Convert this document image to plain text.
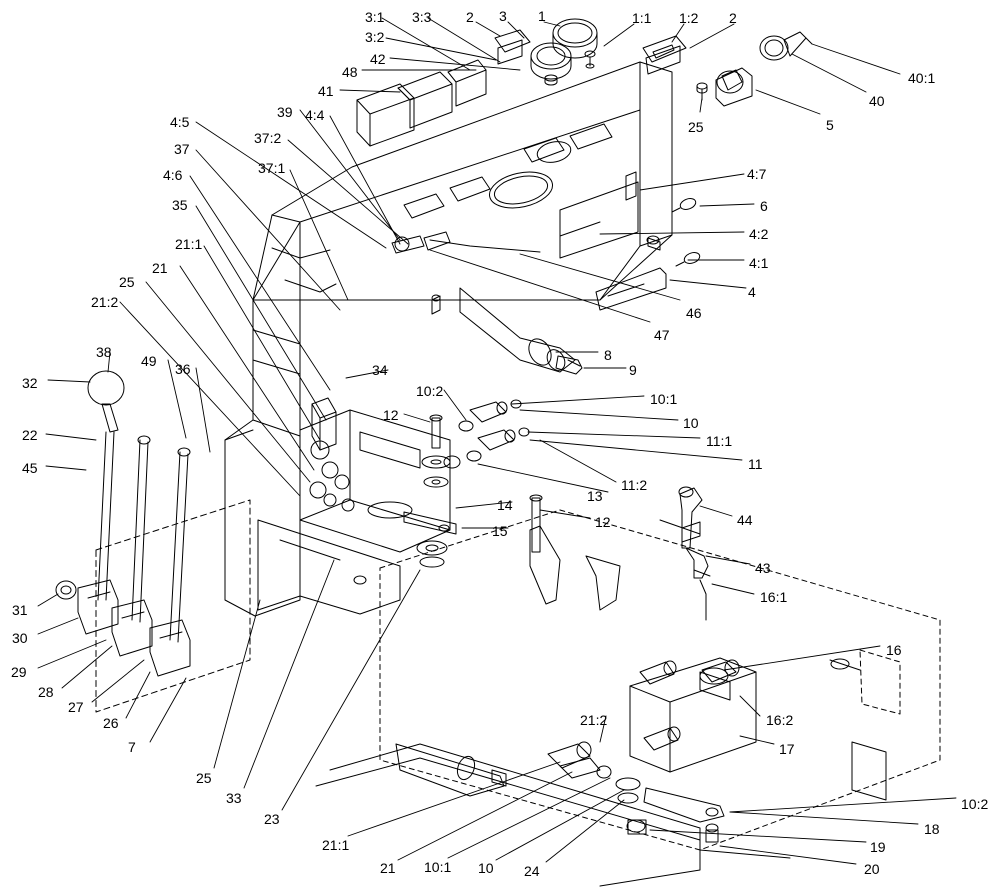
3:1 3:3 2 3 1	1:1 1:2 2
3:2
42
48
41
40:1
40
25	5
39 4:4
4:5
37:2
37
37:1
4:6	4:7
35	6
21:1
4:2
4:1
21
4
25
46
21:2
47
38
49 36
8
32
34	9
10:2	10:1
12	10
11:1
22
11
45
13
11:2
14
12
15
44
43
16:1
31
30
16
29
28
27
16:2
26	21:2
7	17
25
33	10:2
23
18
21:1	19
21 10:1 10 24	20
